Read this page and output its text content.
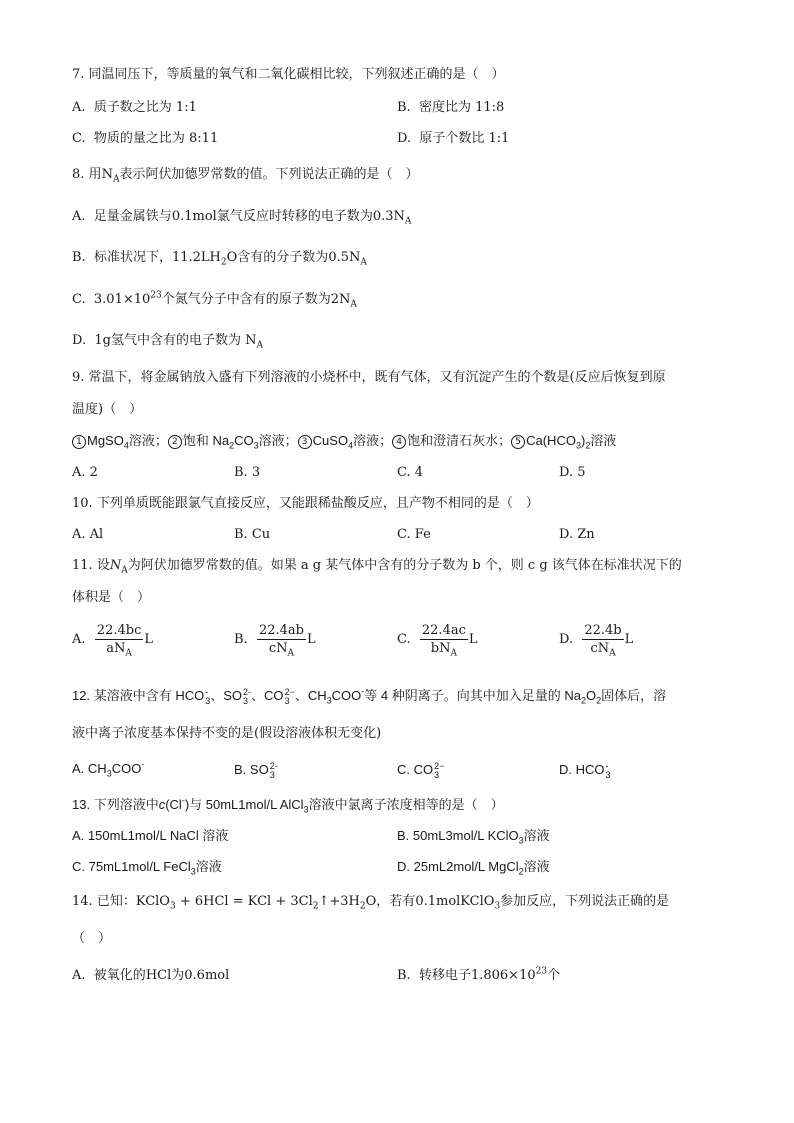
7. 同温同压下，等质量的氧气和二氧化碳相比较，下列叙述正确的是（　）
A. 质子数之比为 1:1	B. 密度比为 11:8
C. 物质的量之比为 8:11	D. 原子个数比 1:1
8. 用$N_A$表示阿伏加德罗常数的值。下列说法正确的是（　）
A. 足量金属铁与0.1mol氯气反应时转移的电子数为$0.3N_A$
B. 标准状况下，$11.2LH_2O$含有的分子数为$0.5N_A$
C. $3.01\times 10^{23}$个氮气分子中含有的原子数为$2N_A$
D. 1g氢气中含有的电子数为 $N_A$
9. 常温下，将金属钠放入盛有下列溶液的小烧杯中，既有气体，又有沉淀产生的个数是(反应后恢复到原
温度)（　）
1 MgSO$_4$溶液； 2 饱和 $Na_2CO_3$溶液； 3 CuSO$_4$溶液； 4 饱和澄清石灰水； 5 $Ca(HCO_3)_2$溶液
A. 2	B. 3	C. 4	D. 5
10. 下列单质既能跟氯气直接反应，又能跟稀盐酸反应，且产物不相同的是（　）
A. Al	B. Cu	C. Fe	D. Zn
11. 设$N_A$为阿伏加德罗常数的值。如果 a g 某气体中含有的分子数为 b 个，则 c g 该气体在标准状况下的
体积是（　）
A. $\frac{22.4bc}{aN_A}$ L	B. $\frac{22.4ab}{cN_A}$ L	C. $\frac{22.4ac}{bN_A}$ L	D. $\frac{22.4b}{cN_A}$ L
12. 某溶液中含有 HCO -
3 、SO 2-
3 、CO 2−
3 、$CH_3COO^-$等 4 种阴离子。向其中加入足量的 $Na_2O_2$固体后，溶
液中离子浓度基本保持不变的是(假设溶液体积无变化)
A. $CH_3COO^-$	B. SO 2-
3	C. CO 2−
3	D. HCO -
3
13. 下列溶液中c(Cl-)与 50mL1mol/L AlCl$_3$溶液中氯离子浓度相等的是（　）
A. 150mL1mol/L NaCl 溶液	B. 50mL3mol/L KClO$_3$溶液
C. 75mL1mol/L FeCl$_3$溶液	D. 25mL2mol/L MgCl$_2$溶液
14. 已知：KClO$_3$ + 6HCl = KCl + $3Cl_2↑+3H_2O$，若有0.1molKClO$_3$参加反应，下列说法正确的是
（　）
A. 被氧化的HCl为0.6mol	B. 转移电子$1.806\times 10^{23}$个
